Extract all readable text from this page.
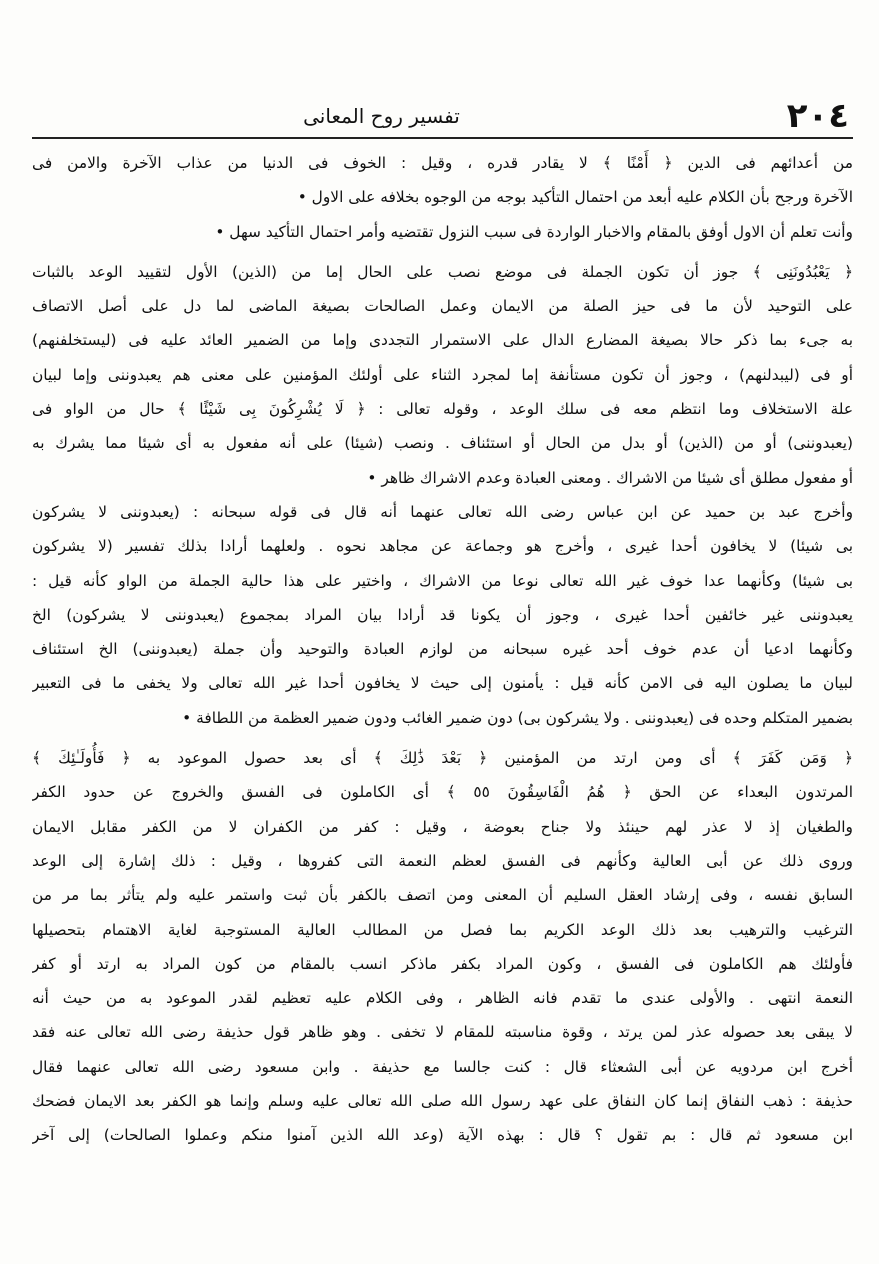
٢٠٤
تفسير روح المعانى
من أعدائهم فى الدين ﴿ أَمْنًا ﴾ لا يقادر قدره ، وقيل : الخوف فى الدنيا من عذاب الآخرة والامن فى
الآخرة ورجح بأن الكلام عليه أبعد من احتمال التأكيد بوجه من الوجوه بخلافه على الاول •
وأنت تعلم أن الاول أوفق بالمقام والاخبار الواردة فى سبب النزول تقتضيه وأمر احتمال التأكيد سهل •
﴿ يَعْبُدُونَنِى ﴾ جوز أن تكون الجملة فى موضع نصب على الحال إما من (الذين) الأول لتقييد الوعد بالثبات
على التوحيد لأن ما فى حيز الصلة من الايمان وعمل الصالحات بصيغة الماضى لما دل على أصل الاتصاف
به جىء بما ذكر حالا بصيغة المضارع الدال على الاستمرار التجددى وإما من الضمير العائد عليه فى (ليستخلفنهم)
أو فى (ليبدلنهم) ، وجوز أن تكون مستأنفة إما لمجرد الثناء على أولئك المؤمنين على معنى هم يعبدوننى وإما لبيان
علة الاستخلاف وما انتظم معه فى سلك الوعد ، وقوله تعالى : ﴿ لَا يُشْرِكُونَ بِى شَيْئًا ﴾ حال من الواو فى
(يعبدوننى) أو من (الذين) أو بدل من الحال أو استئناف . ونصب (شيئا) على أنه مفعول به أى شيئا مما يشرك به
أو مفعول مطلق أى شيئا من الاشراك . ومعنى العبادة وعدم الاشراك ظاهر •
وأخرج عبد بن حميد عن ابن عباس رضى الله تعالى عنهما أنه قال فى قوله سبحانه : (يعبدوننى لا يشركون
بى شيئا) لا يخافون أحدا غيرى ، وأخرج هو وجماعة عن مجاهد نحوه . ولعلهما أرادا بذلك تفسير (لا يشركون
بى شيئا) وكأنهما عدا خوف غير الله تعالى نوعا من الاشراك ، واختير على هذا حالية الجملة من الواو كأنه قيل :
يعبدوننى غير خائفين أحدا غيرى ، وجوز أن يكونا قد أرادا بيان المراد بمجموع (يعبدوننى لا يشركون) الخ
وكأنهما ادعيا أن عدم خوف أحد غيره سبحانه من لوازم العبادة والتوحيد وأن جملة (يعبدوننى) الخ استئناف
لبيان ما يصلون اليه فى الامن كأنه قيل : يأمنون إلى حيث لا يخافون أحدا غير الله تعالى ولا يخفى ما فى التعبير
بضمير المتكلم وحده فى (يعبدوننى . ولا يشركون بى) دون ضمير الغائب ودون ضمير العظمة من اللطافة •
﴿ وَمَن كَفَرَ ﴾ أى ومن ارتد من المؤمنين ﴿ بَعْدَ ذَٰلِكَ ﴾ أى بعد حصول الموعود به ﴿ فَأُولَـٰئِكَ ﴾
المرتدون البعداء عن الحق ﴿ هُمُ الْفَاسِقُونَ ٥٥ ﴾ أى الكاملون فى الفسق والخروج عن حدود الكفر
والطغيان إذ لا عذر لهم حينئذ ولا جناح بعوضة ، وقيل : كفر من الكفران لا من الكفر مقابل الايمان
وروى ذلك عن أبى العالية وكأنهم فى الفسق لعظم النعمة التى كفروها ، وقيل : ذلك إشارة إلى الوعد
السابق نفسه ، وفى إرشاد العقل السليم أن المعنى ومن اتصف بالكفر بأن ثبت واستمر عليه ولم يتأثر بما مر من
الترغيب والترهيب بعد ذلك الوعد الكريم بما فصل من المطالب العالية المستوجبة لغاية الاهتمام بتحصيلها
فأولئك هم الكاملون فى الفسق ، وكون المراد بكفر ماذكر انسب بالمقام من كون المراد به ارتد أو كفر
النعمة انتهى . والأولى عندى ما تقدم فانه الظاهر ، وفى الكلام عليه تعظيم لقدر الموعود به من حيث أنه
لا يبقى بعد حصوله عذر لمن يرتد ، وقوة مناسبته للمقام لا تخفى . وهو ظاهر قول حذيفة رضى الله تعالى عنه فقد
أخرج ابن مردويه عن أبى الشعثاء قال : كنت جالسا مع حذيفة . وابن مسعود رضى الله تعالى عنهما فقال
حذيفة : ذهب النفاق إنما كان النفاق على عهد رسول الله صلى الله تعالى عليه وسلم وإنما هو الكفر بعد الايمان فضحك
ابن مسعود ثم قال : بم تقول ؟ قال : بهذه الآية (وعد الله الذين آمنوا منكم وعملوا الصالحات) إلى آخر
